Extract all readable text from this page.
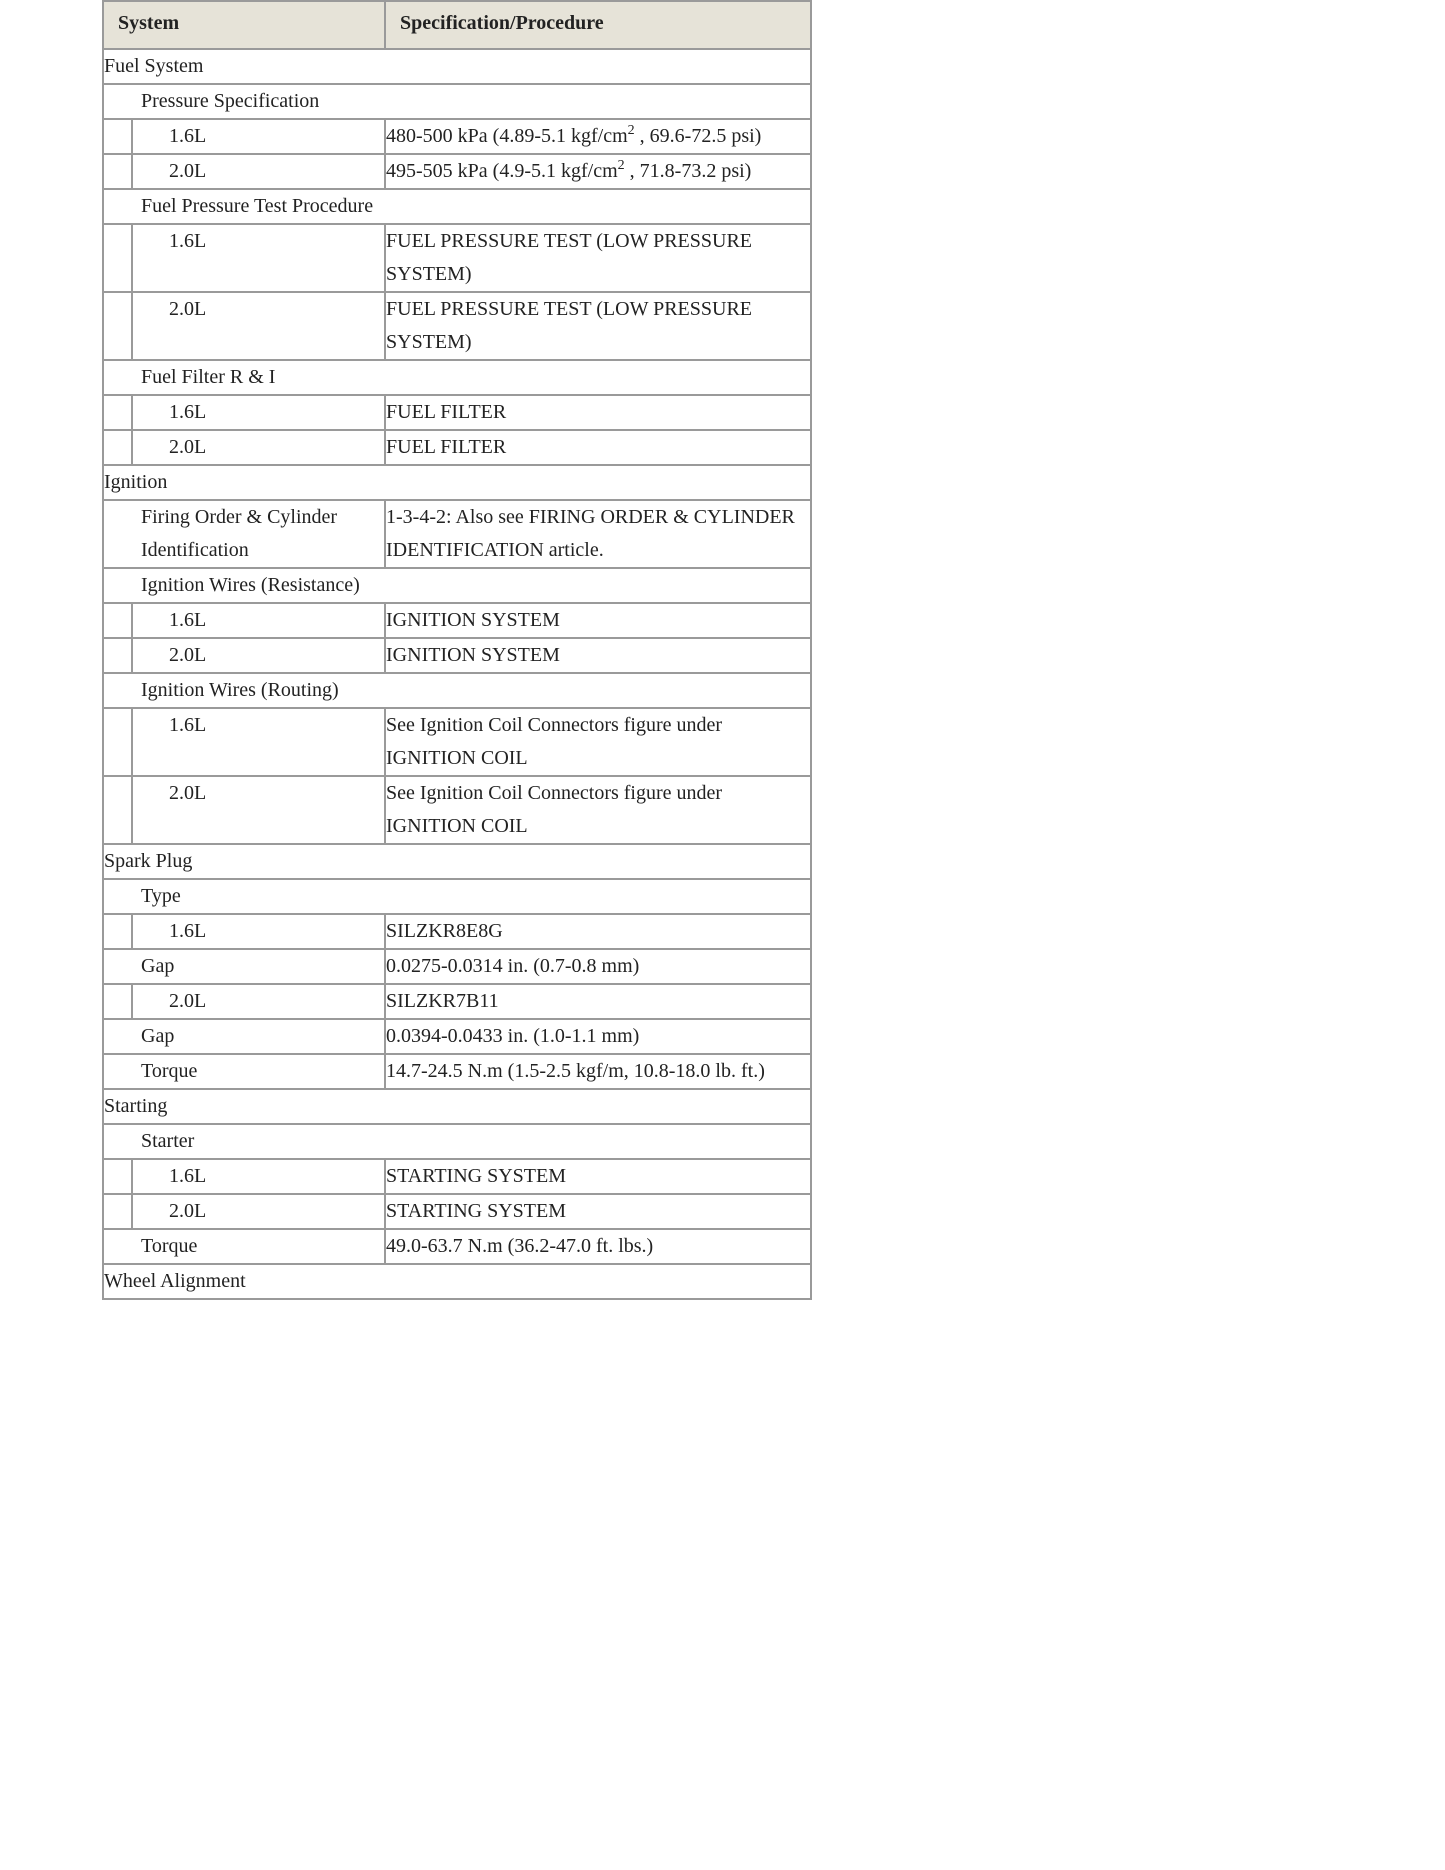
System		Specification/Procedure
Fuel System		
Pressure Specification		
	1.6L	480-500 kPa (4.89-5.1 kgf/$cm^2$ , 69.6-72.5 psi)
	2.0L	495-505 kPa (4.9-5.1 kgf/$cm^2$ , 71.8-73.2 psi)
Fuel Pressure Test Procedure		
	1.6L	FUEL PRESSURE TEST (LOW PRESSURE SYSTEM)
	2.0L	FUEL PRESSURE TEST (LOW PRESSURE SYSTEM)
Fuel Filter R & I		
	1.6L	FUEL FILTER
	2.0L	FUEL FILTER
Ignition		
Firing Order & Cylinder Identification		1-3-4-2: Also see FIRING ORDER & CYLINDER IDENTIFICATION article.
Ignition Wires (Resistance)		
	1.6L	IGNITION SYSTEM
	2.0L	IGNITION SYSTEM
Ignition Wires (Routing)		
	1.6L	See Ignition Coil Connectors figure under IGNITION COIL
	2.0L	See Ignition Coil Connectors figure under IGNITION COIL
Spark Plug		
Type		
	1.6L	SILZKR8E8G
Gap		0.0275-0.0314 in. (0.7-0.8 mm)
	2.0L	SILZKR7B11
Gap		0.0394-0.0433 in. (1.0-1.1 mm)
Torque		14.7-24.5 N.m (1.5-2.5 kgf/m, 10.8-18.0 lb. ft.)
Starting		
Starter		
	1.6L	STARTING SYSTEM
	2.0L	STARTING SYSTEM
Torque		49.0-63.7 N.m (36.2-47.0 ft. lbs.)
Wheel Alignment		
